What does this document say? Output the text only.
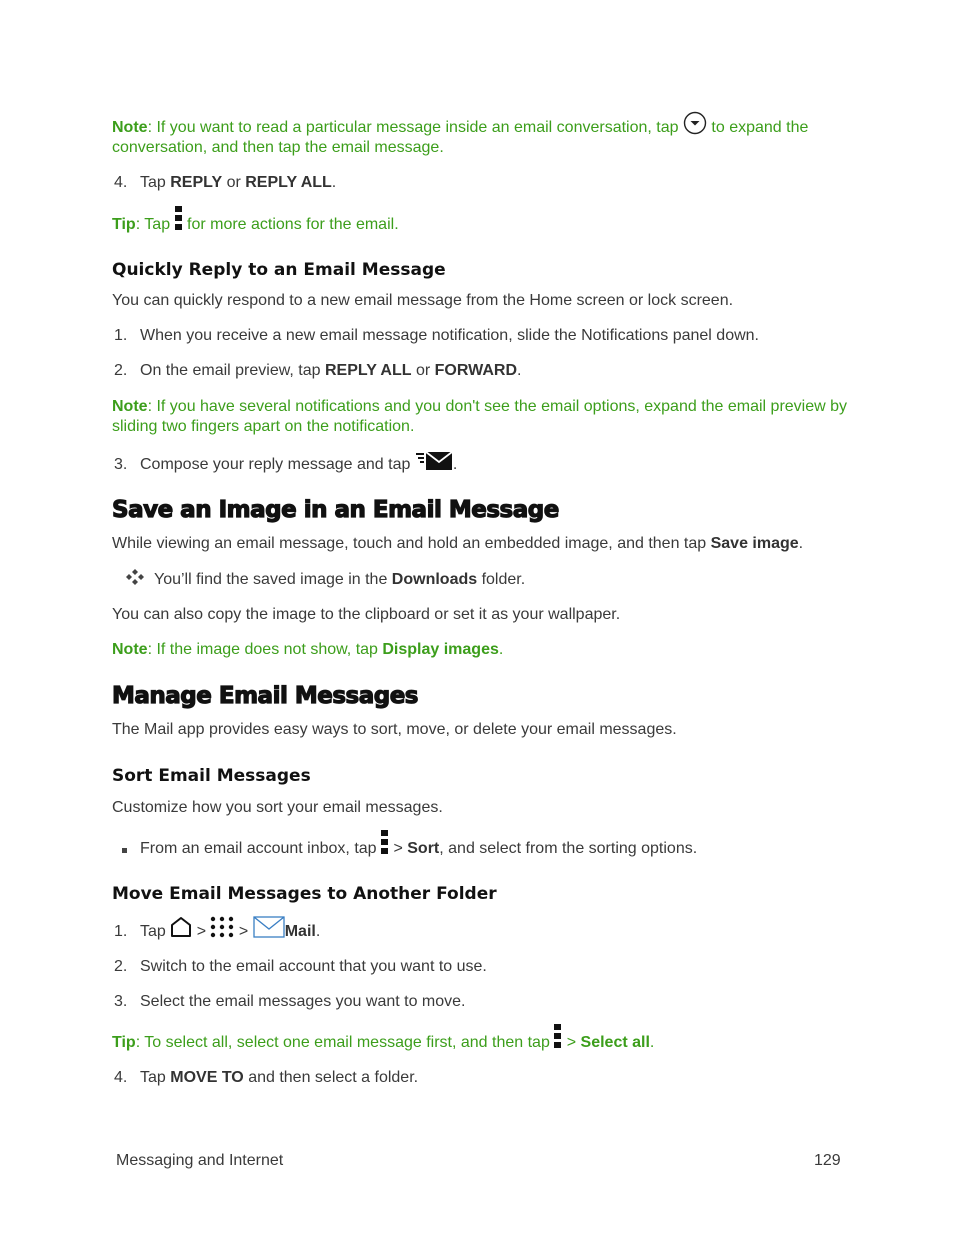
Note: If you want to read a particular message inside an email conversation, tap  to expand the conversation, and then tap the email message.
4. Tap REPLY or REPLY ALL.
Tip: Tap  for more actions for the email.
Quickly Reply to an Email Message
You can quickly respond to a new email message from the Home screen or lock screen.
1. When you receive a new email message notification, slide the Notifications panel down.
2. On the email preview, tap REPLY ALL or FORWARD.
Note: If you have several notifications and you don't see the email options, expand the email preview by sliding two fingers apart on the notification.
3. Compose your reply message and tap .
Save an Image in an Email Message
While viewing an email message, touch and hold an embedded image, and then tap Save image.
You’ll find the saved image in the Downloads folder.
You can also copy the image to the clipboard or set it as your wallpaper.
Note: If the image does not show, tap Display images.
Manage Email Messages
The Mail app provides easy ways to sort, move, or delete your email messages.
Sort Email Messages
Customize how you sort your email messages.
From an email account inbox, tap  > Sort, and select from the sorting options.
Move Email Messages to Another Folder
1. Tap  >  > Mail.
2. Switch to the email account that you want to use.
3. Select the email messages you want to move.
Tip: To select all, select one email message first, and then tap  > Select all.
4. Tap MOVE TO and then select a folder.
Messaging and Internet	129
